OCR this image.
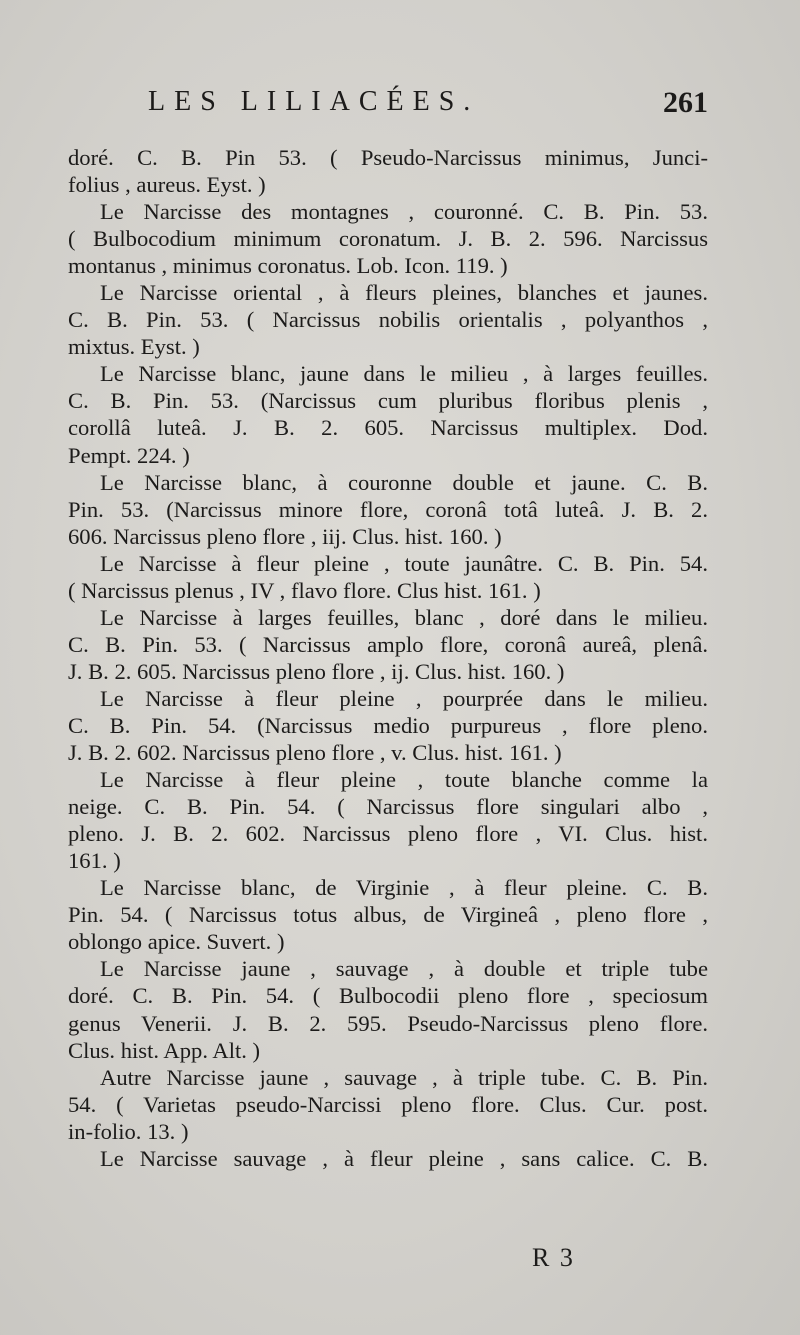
LES LILIACÉES.	261
doré. C. B. Pin 53. ( Pseudo-Narcissus minimus, Junci-
folius , aureus. Eyst. )
Le Narcisse des montagnes , couronné. C. B. Pin. 53.
( Bulbocodium minimum coronatum. J. B. 2. 596. Narcissus
montanus , minimus coronatus. Lob. Icon. 119. )
Le Narcisse oriental , à fleurs pleines, blanches et jaunes.
C. B. Pin. 53. ( Narcissus nobilis orientalis , polyanthos ,
mixtus. Eyst. )
Le Narcisse blanc, jaune dans le milieu , à larges feuilles.
C. B. Pin. 53. (Narcissus cum pluribus floribus plenis ,
corollâ luteâ. J. B. 2. 605. Narcissus multiplex. Dod.
Pempt. 224. )
Le Narcisse blanc, à couronne double et jaune. C. B.
Pin. 53. (Narcissus minore flore, coronâ totâ luteâ. J. B. 2.
606. Narcissus pleno flore , iij. Clus. hist. 160. )
Le Narcisse à fleur pleine , toute jaunâtre. C. B. Pin. 54.
( Narcissus plenus , IV , flavo flore. Clus hist. 161. )
Le Narcisse à larges feuilles, blanc , doré dans le milieu.
C. B. Pin. 53. ( Narcissus amplo flore, coronâ aureâ, plenâ.
J. B. 2. 605. Narcissus pleno flore , ij. Clus. hist. 160. )
Le Narcisse à fleur pleine , pourprée dans le milieu.
C. B. Pin. 54. (Narcissus medio purpureus , flore pleno.
J. B. 2. 602. Narcissus pleno flore , v. Clus. hist. 161. )
Le Narcisse à fleur pleine , toute blanche comme la
neige. C. B. Pin. 54. ( Narcissus flore singulari albo ,
pleno. J. B. 2. 602. Narcissus pleno flore , VI. Clus. hist.
161. )
Le Narcisse blanc, de Virginie , à fleur pleine. C. B.
Pin. 54. ( Narcissus totus albus, de Virgineâ , pleno flore ,
oblongo apice. Suvert. )
Le Narcisse jaune , sauvage , à double et triple tube
doré. C. B. Pin. 54. ( Bulbocodii pleno flore , speciosum
genus Venerii. J. B. 2. 595. Pseudo-Narcissus pleno flore.
Clus. hist. App. Alt. )
Autre Narcisse jaune , sauvage , à triple tube. C. B. Pin.
54. ( Varietas pseudo-Narcissi pleno flore. Clus. Cur. post.
in-folio. 13. )
Le Narcisse sauvage , à fleur pleine , sans calice. C. B.
R 3
